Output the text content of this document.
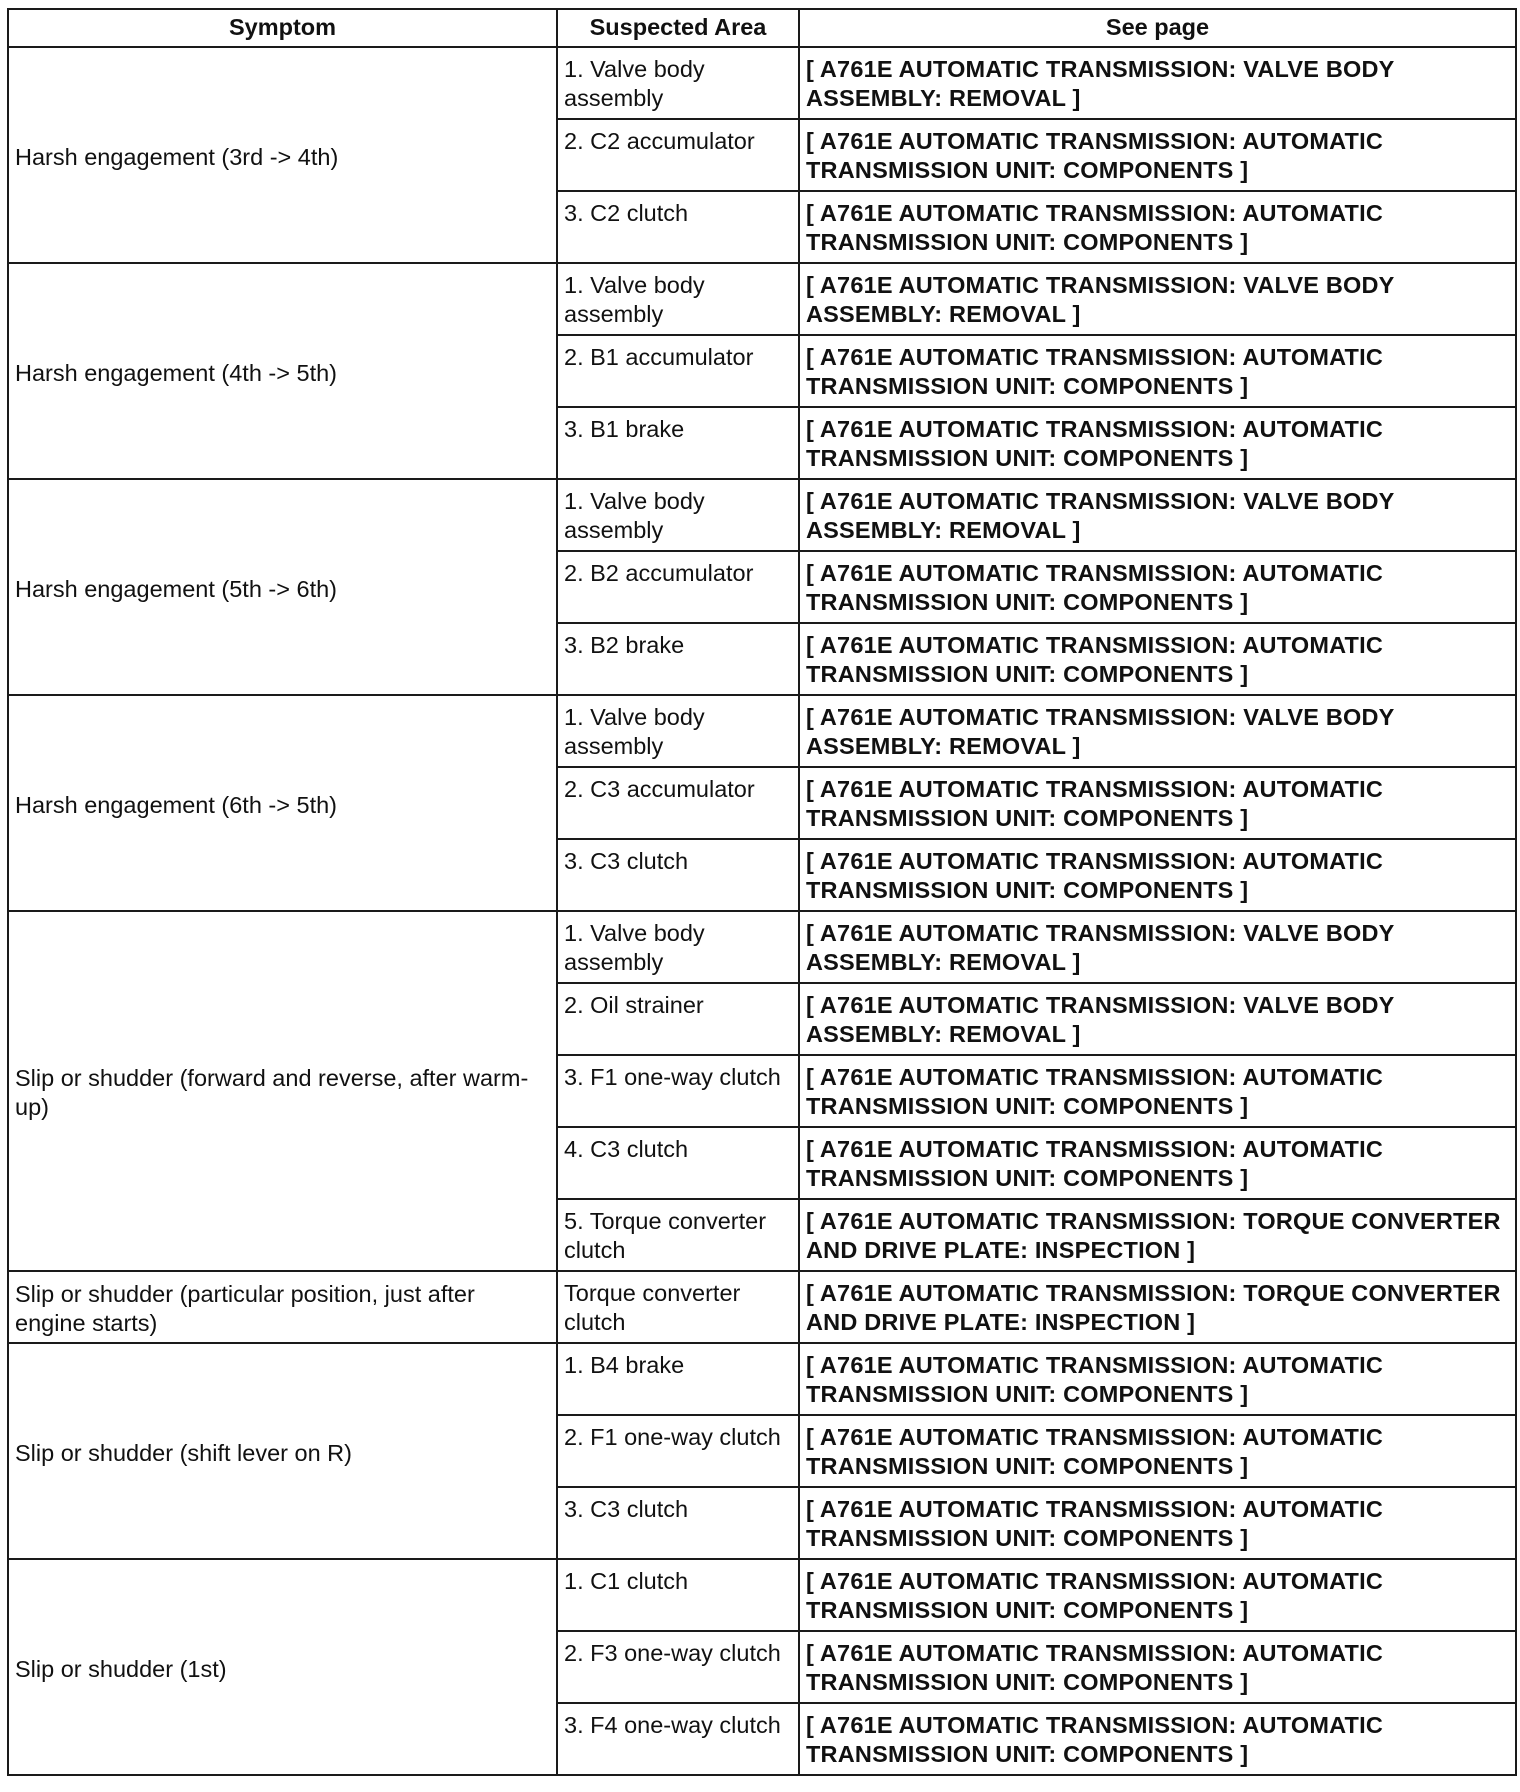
Symptom	Suspected Area	See page
Harsh engagement (3rd -> 4th)	1. Valve body assembly	[ A761E AUTOMATIC TRANSMISSION: VALVE BODY ASSEMBLY: REMOVAL ]
	2. C2 accumulator	[ A761E AUTOMATIC TRANSMISSION: AUTOMATIC TRANSMISSION UNIT: COMPONENTS ]
	3. C2 clutch	[ A761E AUTOMATIC TRANSMISSION: AUTOMATIC TRANSMISSION UNIT: COMPONENTS ]
Harsh engagement (4th -> 5th)	1. Valve body assembly	[ A761E AUTOMATIC TRANSMISSION: VALVE BODY ASSEMBLY: REMOVAL ]
	2. B1 accumulator	[ A761E AUTOMATIC TRANSMISSION: AUTOMATIC TRANSMISSION UNIT: COMPONENTS ]
	3. B1 brake	[ A761E AUTOMATIC TRANSMISSION: AUTOMATIC TRANSMISSION UNIT: COMPONENTS ]
Harsh engagement (5th -> 6th)	1. Valve body assembly	[ A761E AUTOMATIC TRANSMISSION: VALVE BODY ASSEMBLY: REMOVAL ]
	2. B2 accumulator	[ A761E AUTOMATIC TRANSMISSION: AUTOMATIC TRANSMISSION UNIT: COMPONENTS ]
	3. B2 brake	[ A761E AUTOMATIC TRANSMISSION: AUTOMATIC TRANSMISSION UNIT: COMPONENTS ]
Harsh engagement (6th -> 5th)	1. Valve body assembly	[ A761E AUTOMATIC TRANSMISSION: VALVE BODY ASSEMBLY: REMOVAL ]
	2. C3 accumulator	[ A761E AUTOMATIC TRANSMISSION: AUTOMATIC TRANSMISSION UNIT: COMPONENTS ]
	3. C3 clutch	[ A761E AUTOMATIC TRANSMISSION: AUTOMATIC TRANSMISSION UNIT: COMPONENTS ]
Slip or shudder (forward and reverse, after warm-up)	1. Valve body assembly	[ A761E AUTOMATIC TRANSMISSION: VALVE BODY ASSEMBLY: REMOVAL ]
	2. Oil strainer	[ A761E AUTOMATIC TRANSMISSION: VALVE BODY ASSEMBLY: REMOVAL ]
	3. F1 one-way clutch	[ A761E AUTOMATIC TRANSMISSION: AUTOMATIC TRANSMISSION UNIT: COMPONENTS ]
	4. C3 clutch	[ A761E AUTOMATIC TRANSMISSION: AUTOMATIC TRANSMISSION UNIT: COMPONENTS ]
	5. Torque converter clutch	[ A761E AUTOMATIC TRANSMISSION: TORQUE CONVERTER AND DRIVE PLATE: INSPECTION ]
Slip or shudder (particular position, just after engine starts)	Torque converter clutch	[ A761E AUTOMATIC TRANSMISSION: TORQUE CONVERTER AND DRIVE PLATE: INSPECTION ]
Slip or shudder (shift lever on R)	1. B4 brake	[ A761E AUTOMATIC TRANSMISSION: AUTOMATIC TRANSMISSION UNIT: COMPONENTS ]
	2. F1 one-way clutch	[ A761E AUTOMATIC TRANSMISSION: AUTOMATIC TRANSMISSION UNIT: COMPONENTS ]
	3. C3 clutch	[ A761E AUTOMATIC TRANSMISSION: AUTOMATIC TRANSMISSION UNIT: COMPONENTS ]
Slip or shudder (1st)	1. C1 clutch	[ A761E AUTOMATIC TRANSMISSION: AUTOMATIC TRANSMISSION UNIT: COMPONENTS ]
	2. F3 one-way clutch	[ A761E AUTOMATIC TRANSMISSION: AUTOMATIC TRANSMISSION UNIT: COMPONENTS ]
	3. F4 one-way clutch	[ A761E AUTOMATIC TRANSMISSION: AUTOMATIC TRANSMISSION UNIT: COMPONENTS ]
